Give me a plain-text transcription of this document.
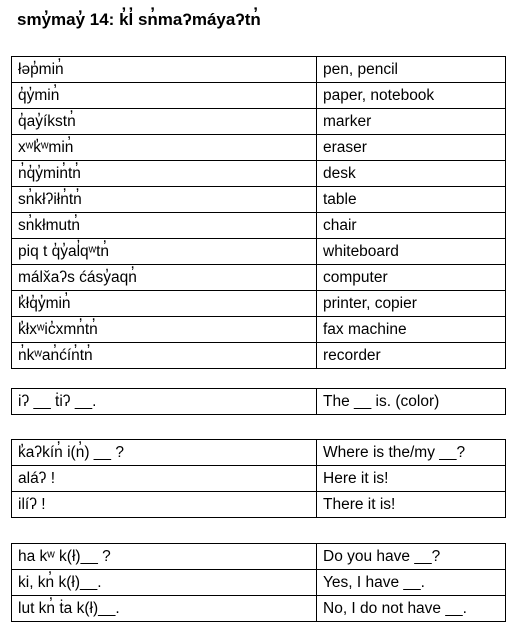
smy̓may̓ 14: k̓l̓ sn̓maʔmáyaʔtn̓
łəp̓min̓	pen, pencil
q̓y̓min̓	paper, notebook
q̓ay̓íkstn̓	marker
xʷk̓ʷmin̓	eraser
n̓q̓y̓min̓tn̓	desk
sn̓kłʔiłn̓tn̓	table
sn̓kłmutn̓	chair
piq t q̓y̓al̓qʷtn̓	whiteboard
málx̌aʔs ćásy̓aqn̓	computer
k̓łq̓y̓min̓	printer, copier
k̓łxʷic̓xmn̓tn̓	fax machine
n̓kʷan̓ćín̓tn̓	recorder
iʔ __ ṫiʔ __.	The __ is. (color)
k̓aʔkín̓ i(n̓) __ ?	Where is the/my __?
aláʔ !	Here it is!
ilíʔ !	There it is!
ha kʷ k(ł)__ ?	Do you have __?
ki, kn̓ k(ł)__.	Yes, I have __.
lut kn̓ ṫa k(ł)__.	No, I do not have __.
